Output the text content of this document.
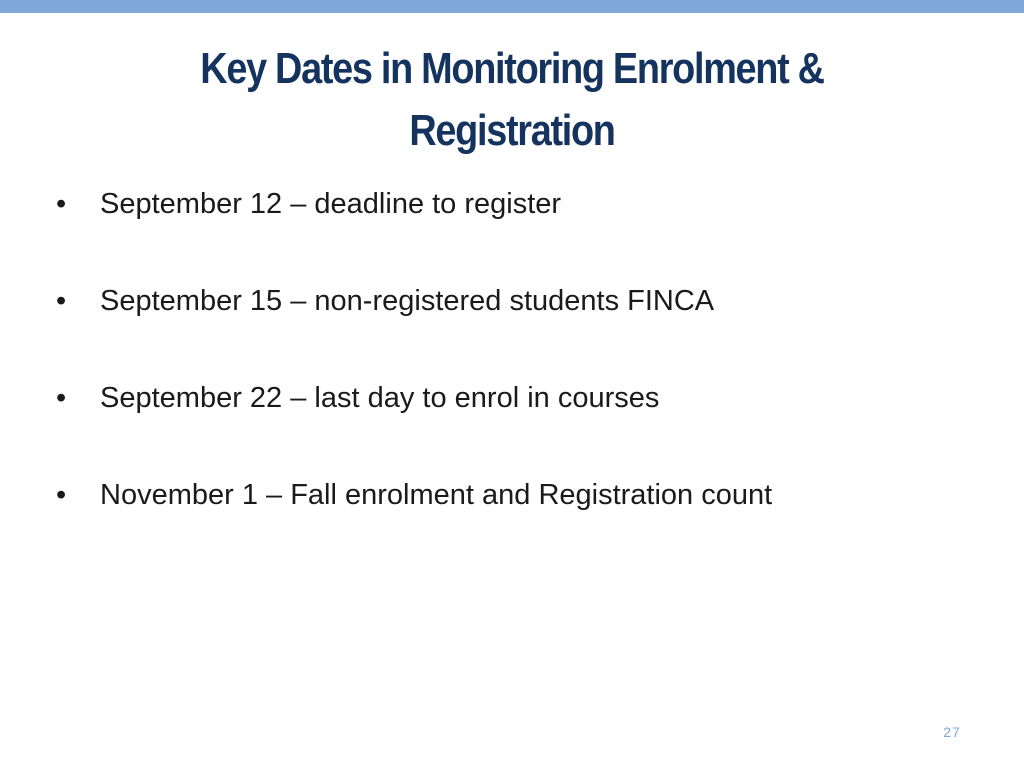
Key Dates in Monitoring Enrolment &
Registration
•	September 12 – deadline to register
•	September 15 – non-registered students FINCA
•	September 22 – last day to enrol in courses
•	November 1 – Fall enrolment and Registration count
27
